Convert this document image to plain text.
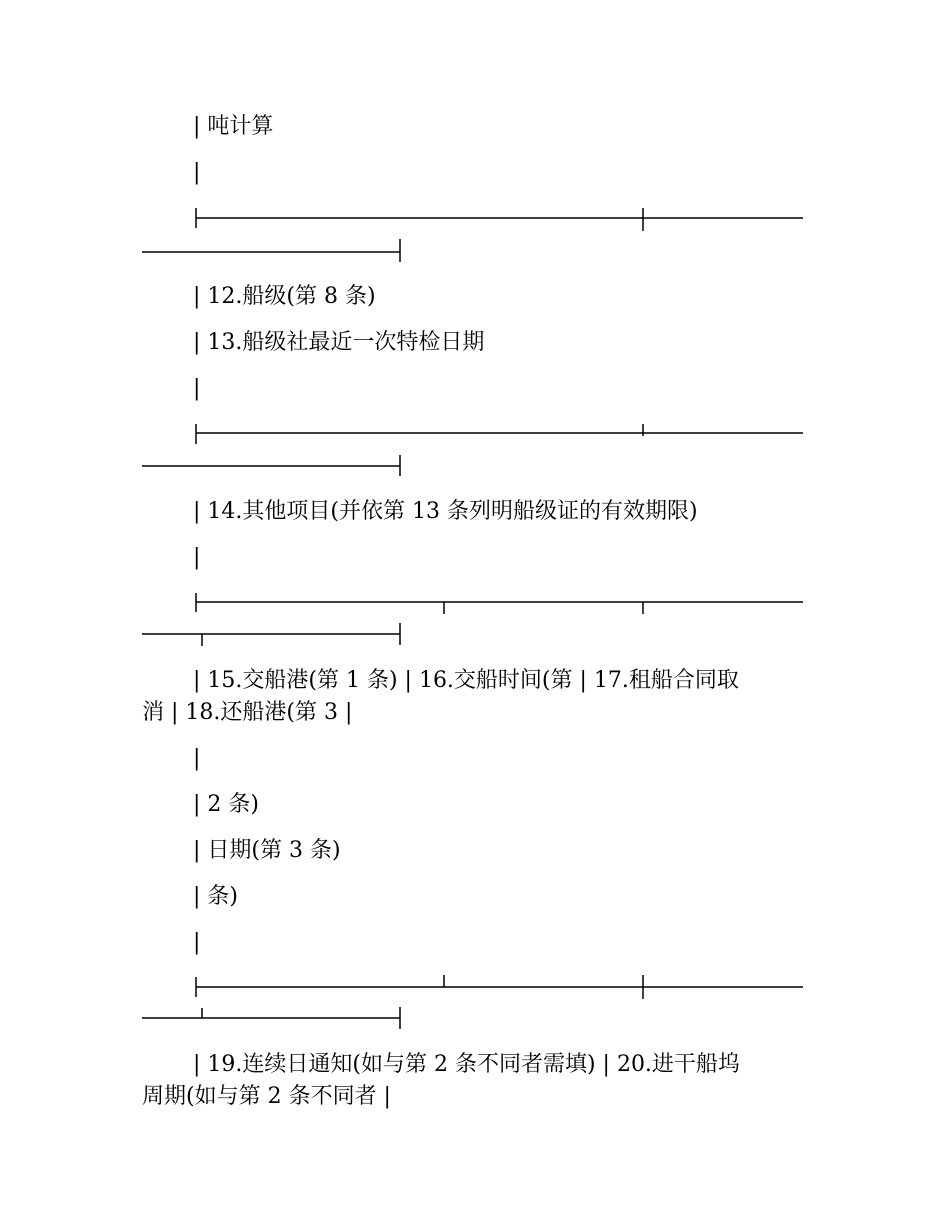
| 吨计算
|
| 12.船级(第 8 条)
| 13.船级社最近一次特检日期
|
| 14.其他项目(并依第 13 条列明船级证的有效期限)
|
| 15.交船港(第 1 条) | 16.交船时间(第 | 17.租船合同取
消 | 18.还船港(第 3 |
|
| 2 条)
| 日期(第 3 条)
| 条)
|
| 19.连续日通知(如与第 2 条不同者需填) | 20.进干船坞
周期(如与第 2 条不同者 |
